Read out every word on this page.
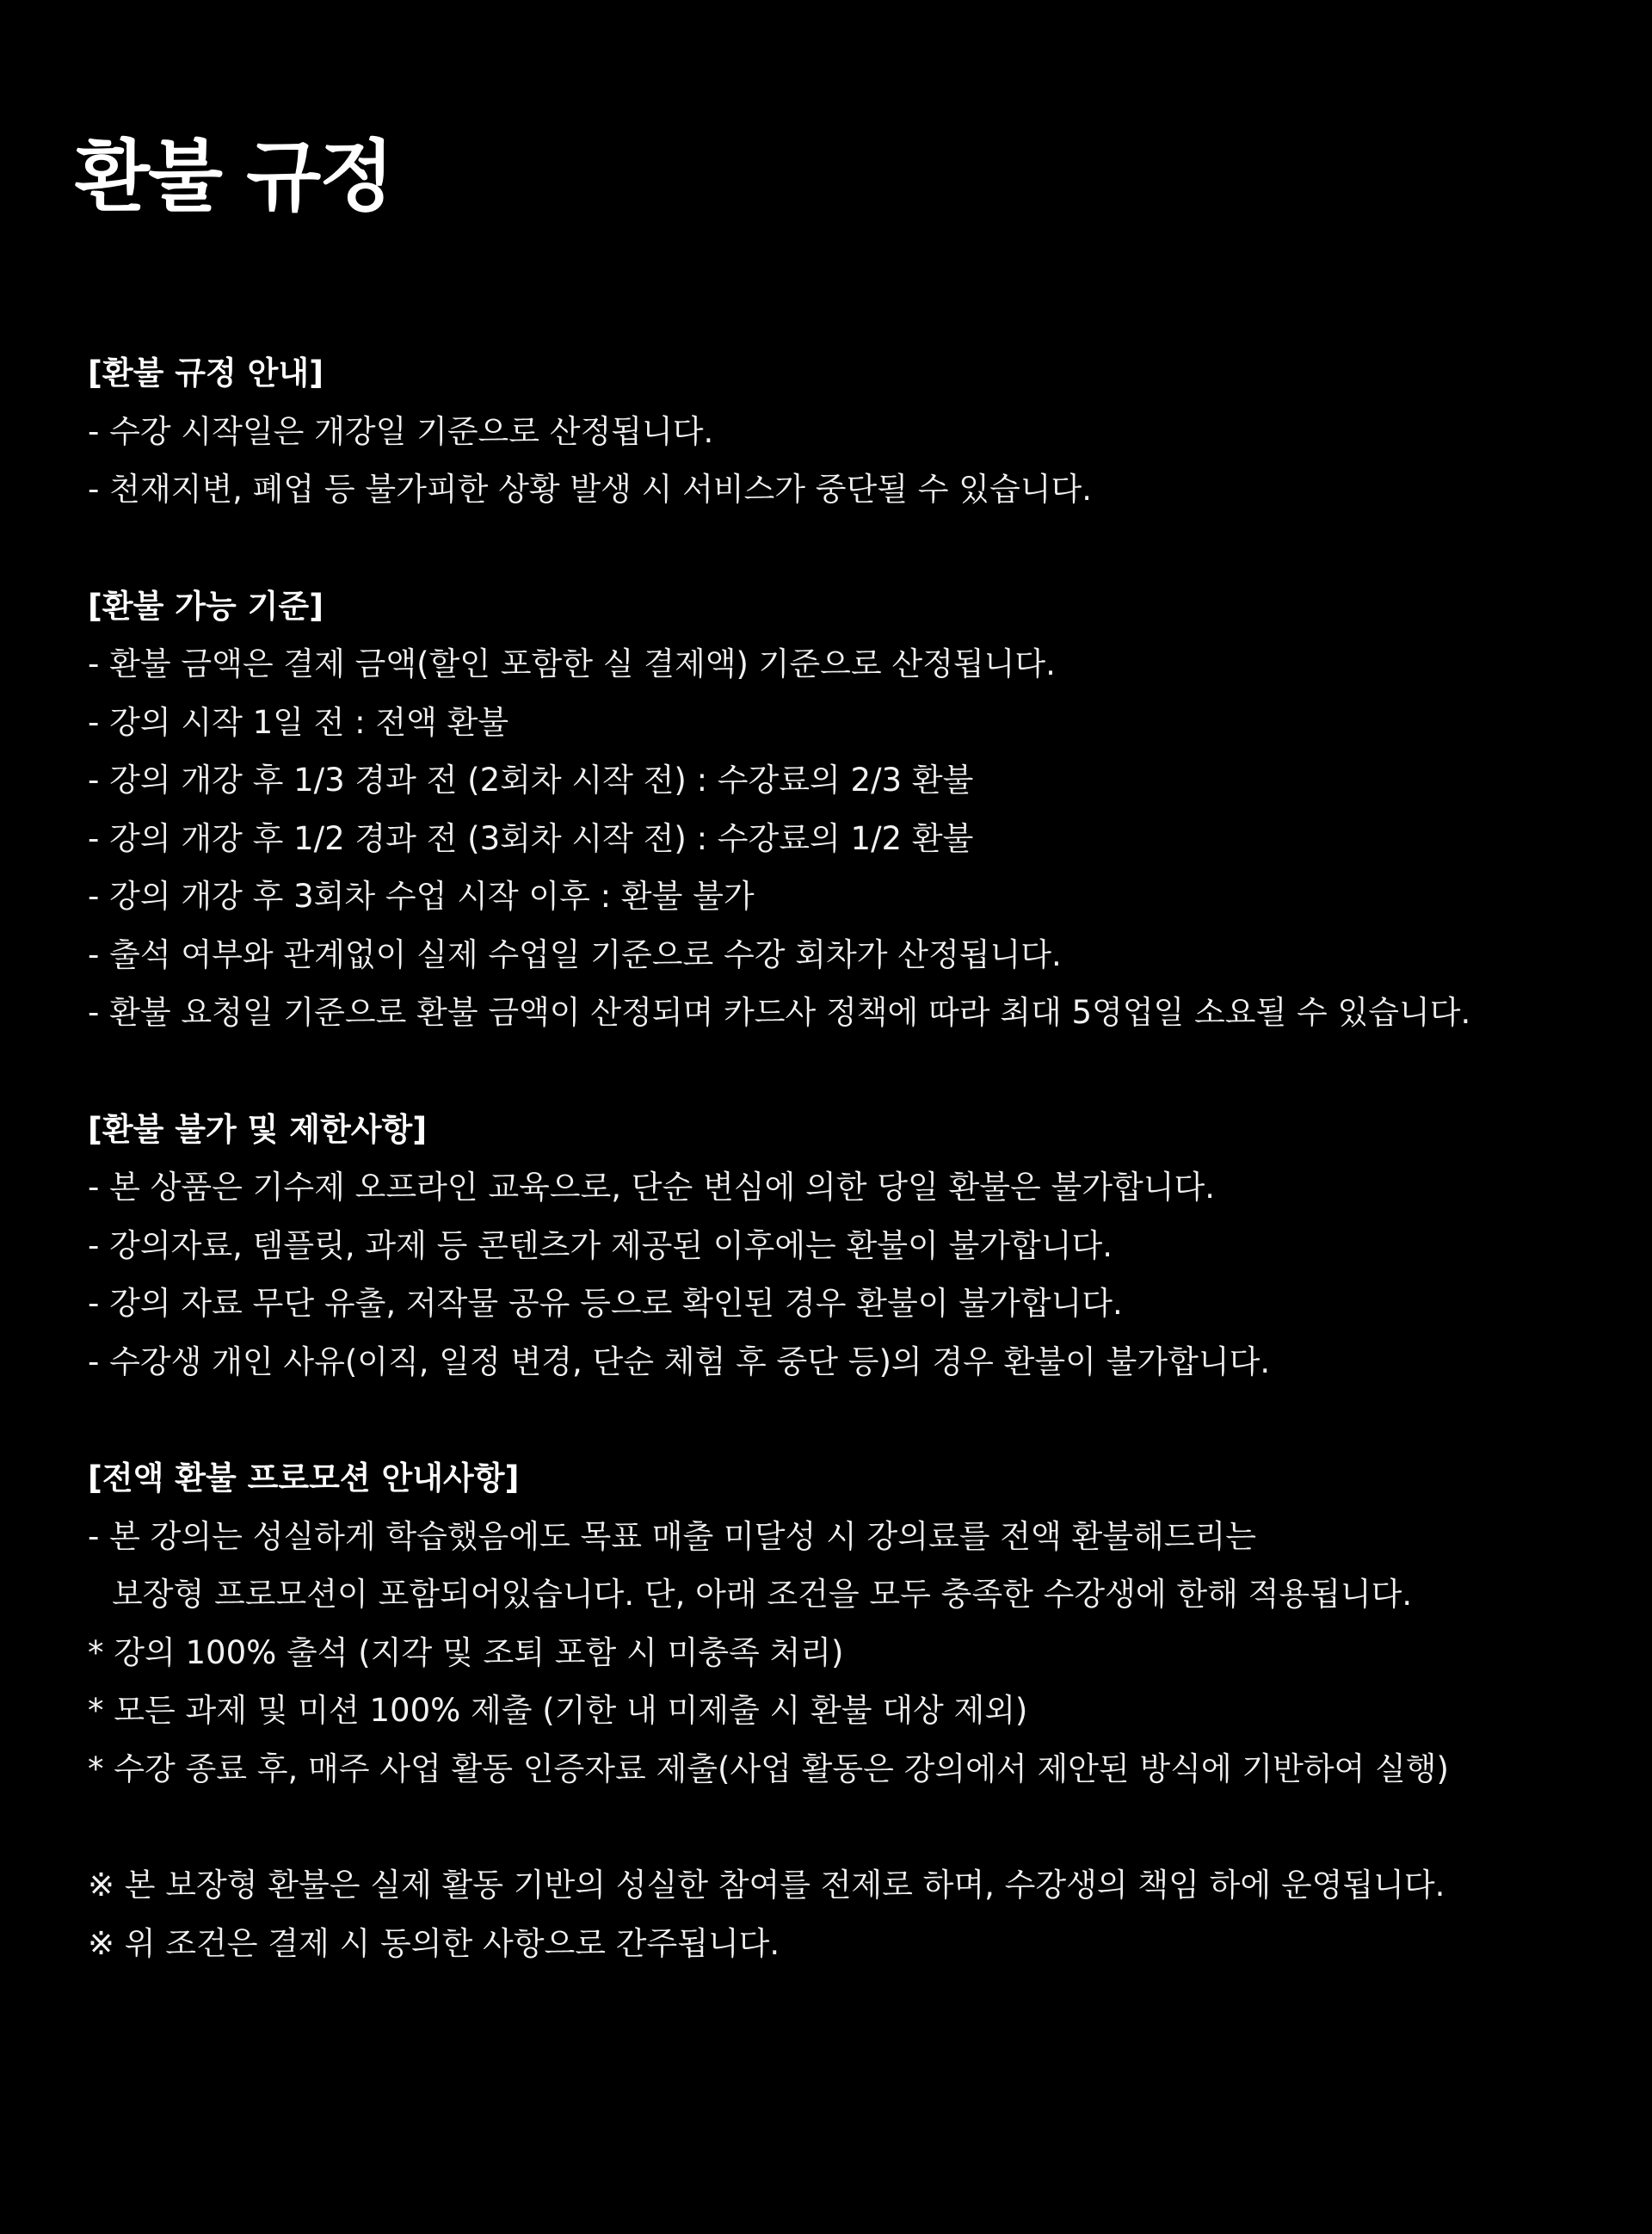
환불 규정
[환불 규정 안내]
- 수강 시작일은 개강일 기준으로 산정됩니다.
- 천재지변, 폐업 등 불가피한 상황 발생 시 서비스가 중단될 수 있습니다.
[환불 가능 기준]
- 환불 금액은 결제 금액(할인 포함한 실 결제액) 기준으로 산정됩니다.
- 강의 시작 1일 전 : 전액 환불
- 강의 개강 후 1/3 경과 전 (2회차 시작 전) : 수강료의 2/3 환불
- 강의 개강 후 1/2 경과 전 (3회차 시작 전) : 수강료의 1/2 환불
- 강의 개강 후 3회차 수업 시작 이후 : 환불 불가
- 출석 여부와 관계없이 실제 수업일 기준으로 수강 회차가 산정됩니다.
- 환불 요청일 기준으로 환불 금액이 산정되며 카드사 정책에 따라 최대 5영업일 소요될 수 있습니다.
[환불 불가 및 제한사항]
- 본 상품은 기수제 오프라인 교육으로, 단순 변심에 의한 당일 환불은 불가합니다.
- 강의자료, 템플릿, 과제 등 콘텐츠가 제공된 이후에는 환불이 불가합니다.
- 강의 자료 무단 유출, 저작물 공유 등으로 확인된 경우 환불이 불가합니다.
- 수강생 개인 사유(이직, 일정 변경, 단순 체험 후 중단 등)의 경우 환불이 불가합니다.
[전액 환불 프로모션 안내사항]
- 본 강의는 성실하게 학습했음에도 목표 매출 미달성 시 강의료를 전액 환불해드리는
보장형 프로모션이 포함되어있습니다. 단, 아래 조건을 모두 충족한 수강생에 한해 적용됩니다.
* 강의 100% 출석 (지각 및 조퇴 포함 시 미충족 처리)
* 모든 과제 및 미션 100% 제출 (기한 내 미제출 시 환불 대상 제외)
* 수강 종료 후, 매주 사업 활동 인증자료 제출(사업 활동은 강의에서 제안된 방식에 기반하여 실행)
※ 본 보장형 환불은 실제 활동 기반의 성실한 참여를 전제로 하며, 수강생의 책임 하에 운영됩니다.
※ 위 조건은 결제 시 동의한 사항으로 간주됩니다.
